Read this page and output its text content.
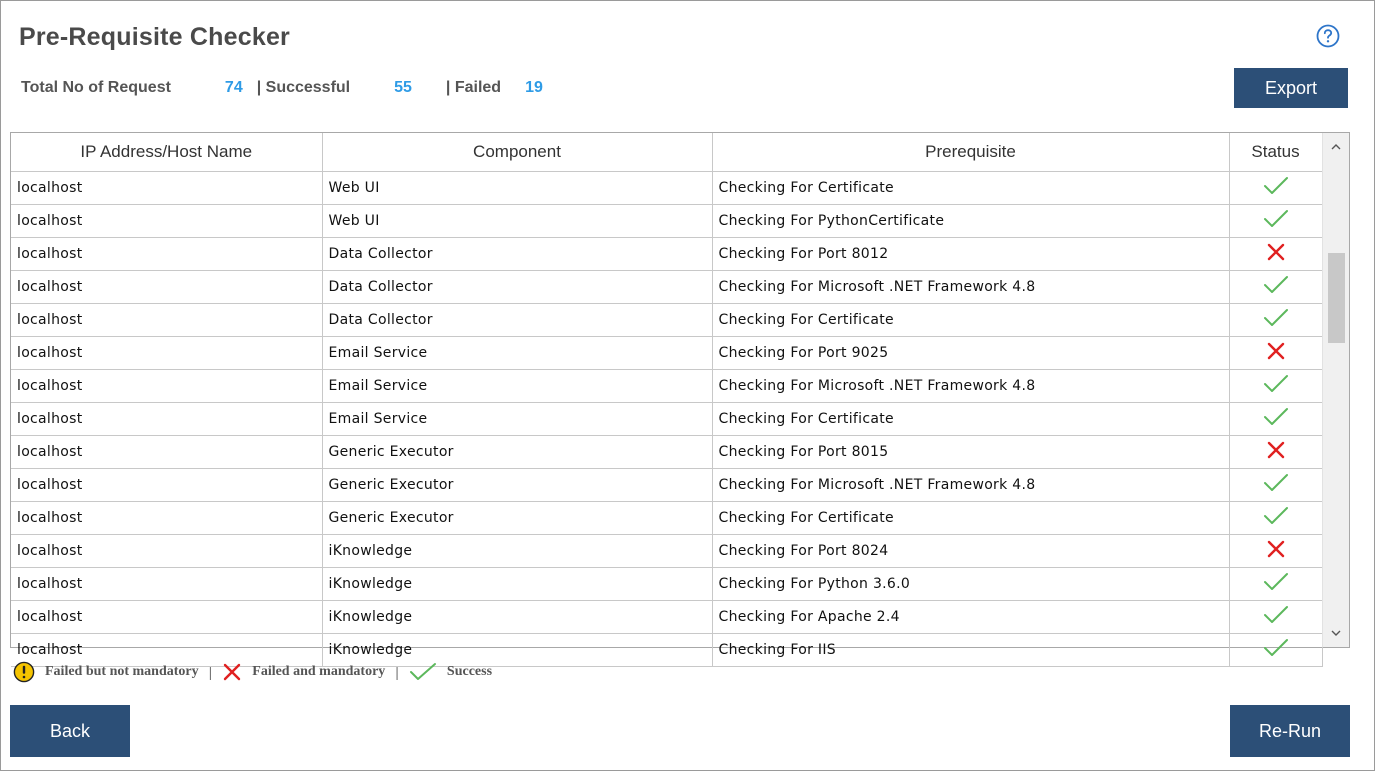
Pre-Requisite Checker
Total No of Request	74 | Successful	55 | Failed 19	Export
IP Address/Host Name	Component	Prerequisite	Status
localhost	Web UI	Checking For Certificate	
localhost	Web UI	Checking For PythonCertificate	
localhost	Data Collector	Checking For Port 8012	
localhost	Data Collector	Checking For Microsoft .NET Framework 4.8	
localhost	Data Collector	Checking For Certificate	
localhost	Email Service	Checking For Port 9025	
localhost	Email Service	Checking For Microsoft .NET Framework 4.8	
localhost	Email Service	Checking For Certificate	
localhost	Generic Executor	Checking For Port 8015	
localhost	Generic Executor	Checking For Microsoft .NET Framework 4.8	
localhost	Generic Executor	Checking For Certificate	
localhost	iKnowledge	Checking For Port 8024	
localhost	iKnowledge	Checking For Python 3.6.0	
localhost	iKnowledge	Checking For Apache 2.4	
localhost	iKnowledge	Checking For IIS	
Failed but not mandatory |	Failed and mandatory |	Success
Back	Re-Run
